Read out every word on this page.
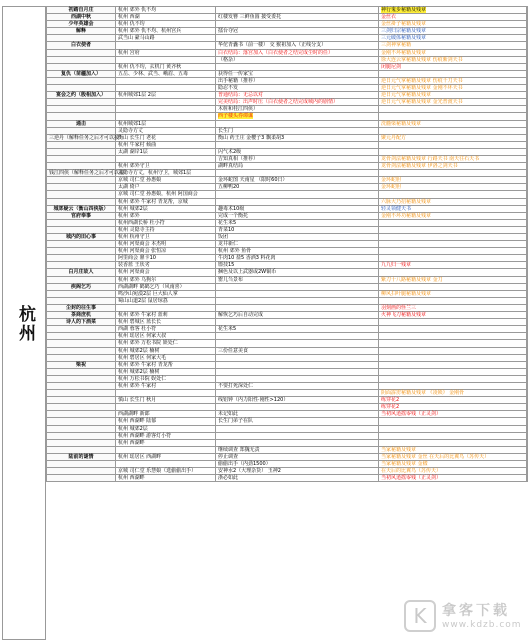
杭州
初踏自月庄	杭州 郊外 仇不均		神行鬼步秘籍及残章	
西湖中秋	杭州 西湖	红楼发簪 三鲜鱼圆 披受委托	金丝衣	
少年英雄会	杭州 仇不均		金丝褂子秘籍及残章	
解释	杭州 郊外 仇不均、杭州宫兵	擂台夺冠	三剑归宗秘籍及残章	
	武当山 豪马山路		三元破体秘籍及残章	
白衣使者		华佗青囊书（前一楼） 交 猴祖加入（正线分支）	三剑神掌秘籍	
	杭州 宫府	白衣结局：落宫加入（白衣使者之结完成尘时的任）	金刚不坏秘籍及残章	
		（格杂）	徐大连云掌秘籍及残章 伤痕紫剑天书	
	杭州 仇不均，玄机门 黄齐秋		闭腿尼剑	
复仇（苗疆加入）	五岳、少林、武当、峨眉、五毒	获得任一传家宝		
		出手秘籍（推荐）	逆日元气掌秘籍及残章 伤痕千刀天书	
		隐忍不发	逆日元气掌秘籍及残章 金刚不坏天书	
宴会之约（殷相加入）	杭州城郊1层 2层	普通结局：无忌以对	逆日元气掌秘籍及残章	
		完美结局：出声时压（白衣使者之结完成城内的剧情）	逆日元气掌秘籍及残章 金光普渡天书	
		木桩和桂江四侠）		
		西子楼头券谭谋		
通击	杭州城郊1层		洗髓梁秘籍及残章	
	灵隐寺方丈	长生门		
三逆丹（解释任务之后才可以接）	衡山 长生门 老花	衡山 药王庄 金樱子3 飘柔胡3	聚元丹配方	
	杭州 牛家村 倾曲			
	太湖 湖岸1层	闪气术2级		
		吉知真相（推荐）	龙骨剑法秘籍及残章 行路天书 南天往石天书	
	杭州 郊外守卫	湖畔真结局	龙骨剑法秘籍及残章 伊洛之剑天书	
钱江四侠（解释任务之后才可以接）	灵隐寺方丈，杭州守卫，城郊1层			
	京城 司仁堂 孙惠娘	金环蛇图 天南星 （限时60日）	金环蛇胆	
	太湖 倚户	五柳鸭20	金环蛇胆	
	京城 司仁堂 孙惠娘，杭州 阿国商会			
	杭州 郊外 牛家村 青龙帮，京城		六脉大乃招秘籍及残章	
城郊疑云（衡山四侠版）	杭州 城郊2层	趣毒术10级	轻灵领健天书	
官府奉事	杭州 郊外	完成一个衡托	金刚不坏功秘籍及残章	
	杭州西湖长桥 杜小符	花生米5		
	杭州 灵隐寺主持	青菜10		
城内的田心事	杭州 杭州守卫	饭团		
	杭州 河渠商会 本杰明	龙井新仁		
	杭州 河渠商会 张恒凉	杭州 郊外 鱼骨		
	阿里商会 鼎卡10	牛肉10 盐5 香酒3 料花肉		
	装香蓝 王状劣	镖技15	九九归一残章	
白月庄故人	杭州 河渠商会	捆色及以上武器或2W铜币		
	杭州 郊外 乌狗尔	罂儿刍景布	紫刀十八路秘籍及残章 金刀	
疾阁乞巧	西湖湖畔 鹤鹤乞巧（风南喜）			
	鸣沙山宛漠2层 巨大仙人掌		柳风扫叶腿秘籍及残章	
	蜀山山道2层 鼠居琼荔			
尘封的往生事			羽刻画的怪兰三	
茶商庶机	杭州 郊外 牛家村 蓝莉	解恢乞巧后自动完成	火神飞刀秘籍及残章	
诗人的下酒菜	杭州 碧城区 蓝长长			
	西湖 蓉客 杜小符	花生米5		
	杭州 瑶居区 何家大叔			
	杭州 郊外 万松书院 娱处仁			
	杭州 城郊2层 楠树	三份任意美食		
	杭州 碧居区 何家大毛			
梁祝	杭州 郊外 牛家村 青龙帮			
	杭州 城郊2层 楠树			
	杭州 万松书院 娱处仁			
	杭州 郊外 牛家村	不要打死深处仁		
			阴面霹雳秘籍及残章 《凌锁》 金刚骨	
	慎山 长生门 秋月	线铝钟（内力阳性·刚性>120）	练穿花2	
			练穿花2	
	西湖湖畔 新郎	未记如此	当初风逍摇零残（正灵剑）	
	杭州 西湖畔 陆郁	长生门弟子在队		
	杭州 城郊2层			
	杭州 西湖畔 游客灯小符			
	杭州 西湖畔			
		继续调查 郑魏无责	当家秘籍及残章	
陆前的谜情	杭州 瑶居区 西湖畔	停止调查	当家秘籍及残章 金丝 在天后的比翼鸟（苏传天）	
		偷偷出手（内劲1500）	当家秘籍及残章 金楹	
	京城 司仁堂 乐慧娘（选偷偷出手）	安神水2（大理杂货） 玉神2	在天后的比翼鸟（苏传天）	
	杭州 西湖畔	浙必如此	当初风逍摇零残（正灵剑）	
K	拿客下载
www.kdzb.com
